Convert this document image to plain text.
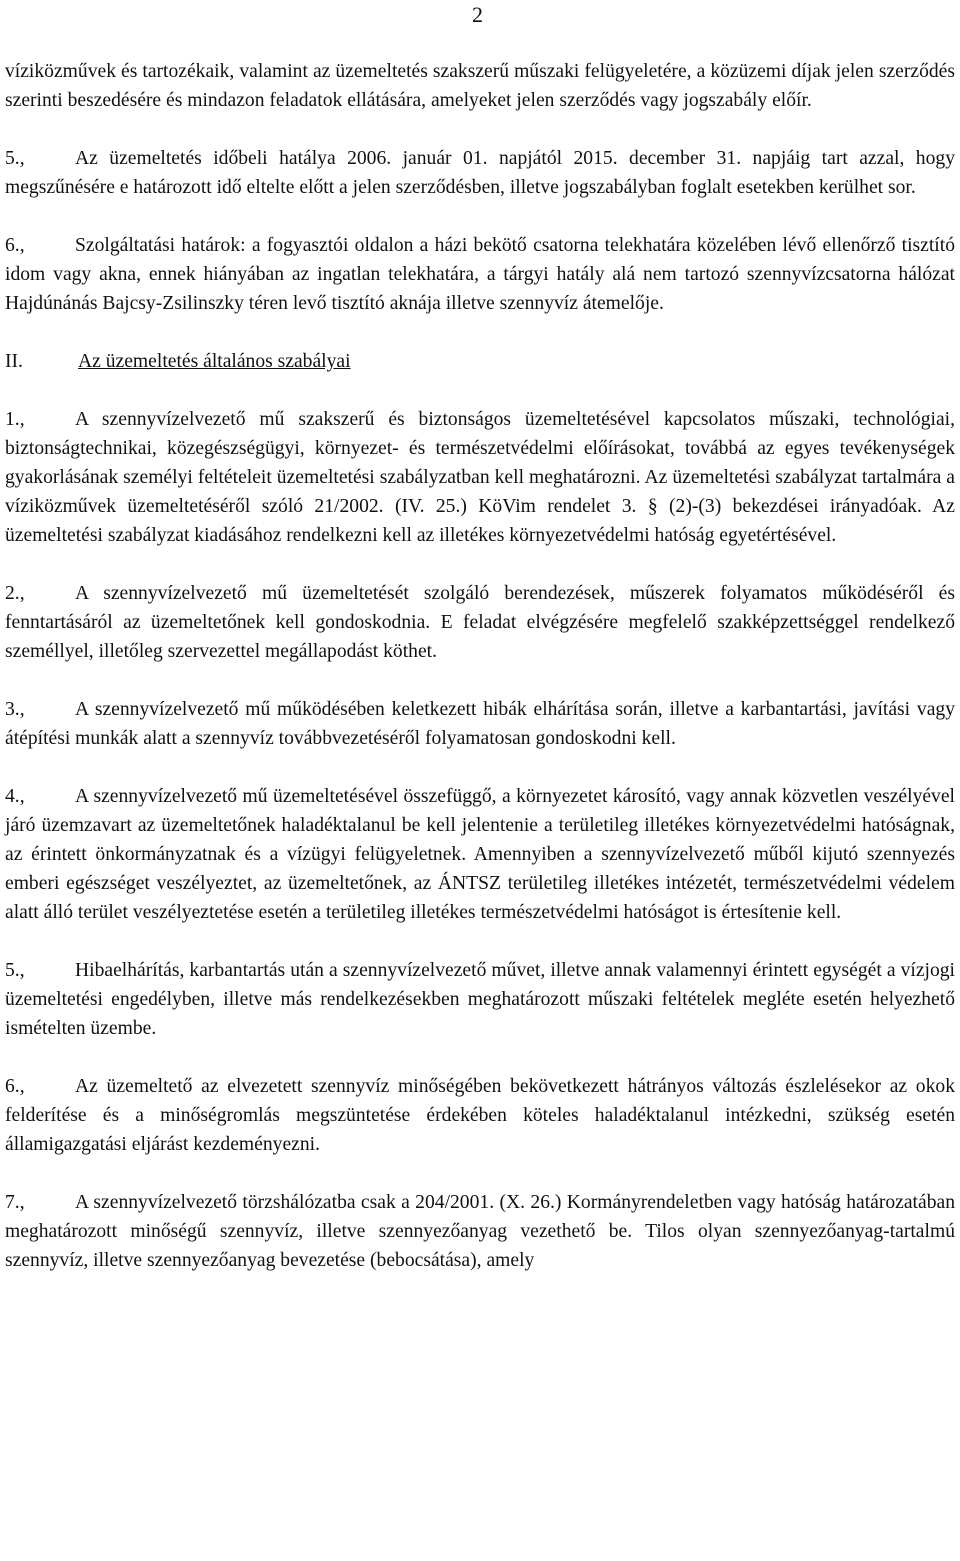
2

víziközművek és tartozékaik, valamint az üzemeltetés szakszerű műszaki felügyeletére, a közüzemi díjak jelen szerződés szerinti beszedésére és mindazon feladatok ellátására, amelyeket jelen szerződés vagy jogszabály előír.

5.,	Az üzemeltetés időbeli hatálya 2006. január 01. napjától 2015. december 31. napjáig tart azzal, hogy megszűnésére e határozott idő eltelte előtt a jelen szerződésben, illetve jogszabályban foglalt esetekben kerülhet sor.

6.,	Szolgáltatási határok: a fogyasztói oldalon a házi bekötő csatorna telekhatára közelében lévő ellenőrző tisztító idom vagy akna, ennek hiányában az ingatlan telekhatára, a tárgyi hatály alá nem tartozó szennyvízcsatorna hálózat Hajdúnánás Bajcsy-Zsilinszky téren levő tisztító aknája illetve szennyvíz átemelője.

II.	Az üzemeltetés általános szabályai

1.,	A szennyvízelvezető mű szakszerű és biztonságos üzemeltetésével kapcsolatos műszaki, technológiai, biztonságtechnikai, közegészségügyi, környezet- és természetvédelmi előírásokat, továbbá az egyes tevékenységek gyakorlásának személyi feltételeit üzemeltetési szabályzatban kell meghatározni. Az üzemeltetési szabályzat tartalmára a víziközművek üzemeltetéséről szóló 21/2002. (IV. 25.) KöVim rendelet 3. § (2)-(3) bekezdései irányadóak. Az üzemeltetési szabályzat kiadásához rendelkezni kell az illetékes környezetvédelmi hatóság egyetértésével.

2.,	A szennyvízelvezető mű üzemeltetését szolgáló berendezések, műszerek folyamatos működéséről és fenntartásáról az üzemeltetőnek kell gondoskodnia. E feladat elvégzésére megfelelő szakképzettséggel rendelkező személlyel, illetőleg szervezettel megállapodást köthet.

3.,	A szennyvízelvezető mű működésében keletkezett hibák elhárítása során, illetve a karbantartási, javítási vagy átépítési munkák alatt a szennyvíz továbbvezetéséről folyamatosan gondoskodni kell.

4.,	A szennyvízelvezető mű üzemeltetésével összefüggő, a környezetet károsító, vagy annak közvetlen veszélyével járó üzemzavart az üzemeltetőnek haladéktalanul be kell jelentenie a területileg illetékes környezetvédelmi hatóságnak, az érintett önkormányzatnak és a vízügyi felügyeletnek. Amennyiben a szennyvízelvezető műből kijutó szennyezés emberi egészséget veszélyeztet, az üzemeltetőnek, az ÁNTSZ területileg illetékes intézetét, természetvédelmi védelem alatt álló terület veszélyeztetése esetén a területileg illetékes természetvédelmi hatóságot is értesítenie kell.

5.,	Hibaelhárítás, karbantartás után a szennyvízelvezető művet, illetve annak valamennyi érintett egységét a vízjogi üzemeltetési engedélyben, illetve más rendelkezésekben meghatározott műszaki feltételek megléte esetén helyezhető ismételten üzembe.

6.,	Az üzemeltető az elvezetett szennyvíz minőségében bekövetkezett hátrányos változás észlelésekor az okok felderítése és a minőségromlás megszüntetése érdekében köteles haladéktalanul intézkedni, szükség esetén államigazgatási eljárást kezdeményezni.

7.,	A szennyvízelvezető törzshálózatba csak a 204/2001. (X. 26.) Kormányrendeletben vagy hatóság határozatában meghatározott minőségű szennyvíz, illetve szennyezőanyag vezethető be. Tilos olyan szennyezőanyag-tartalmú szennyvíz, illetve szennyezőanyag bevezetése (bebocsátása), amely
